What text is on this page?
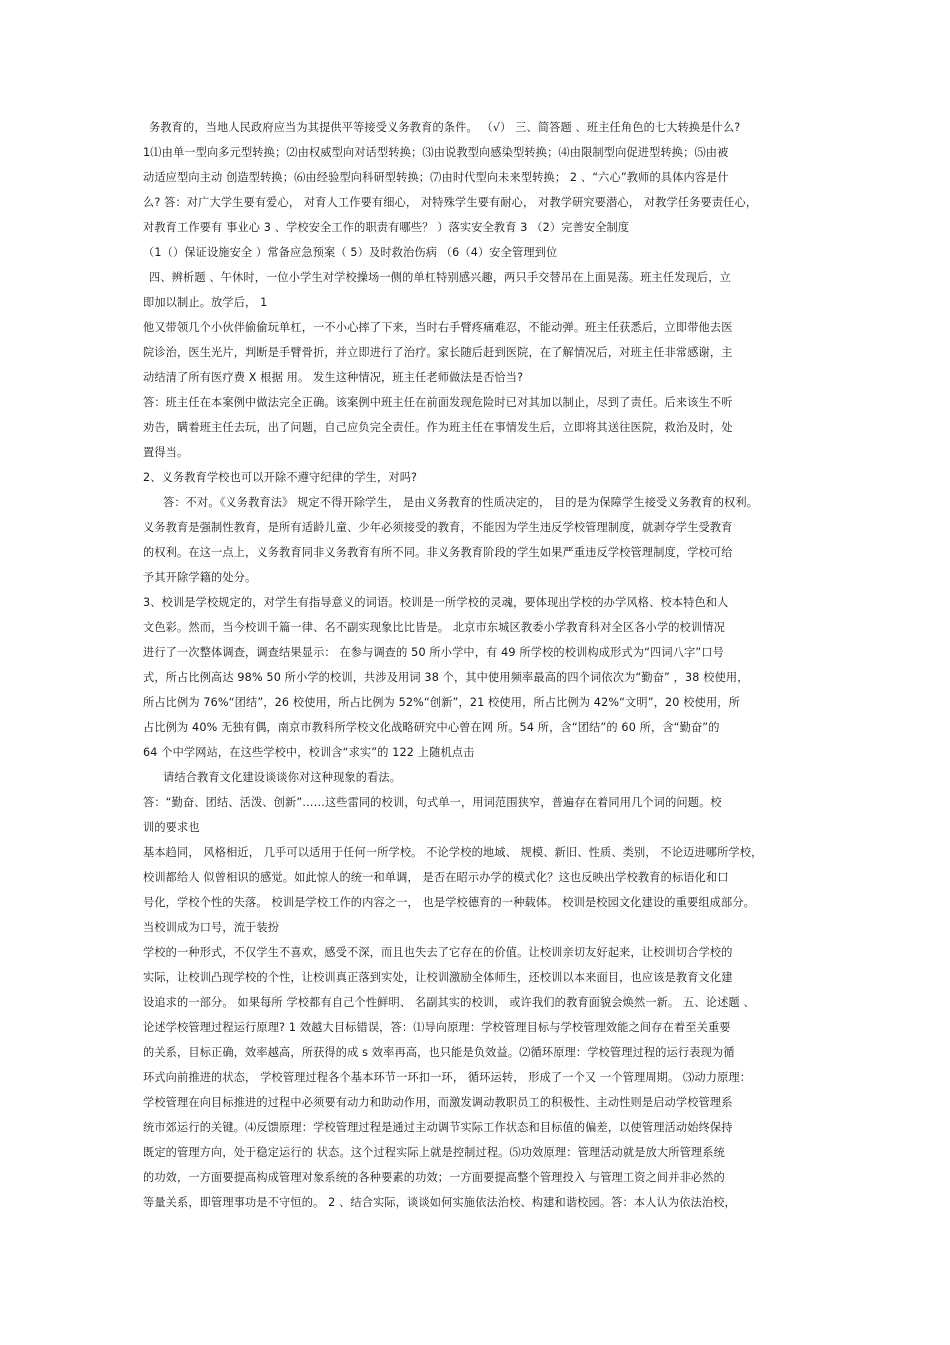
务教育的，当地人民政府应当为其提供平等接受义务教育的条件。 （√） 三、简答题 、班主任角色的七大转换是什么?
1⑴由单一型向多元型转换；⑵由权威型向对话型转换；⑶由说教型向感染型转换；⑷由限制型向促进型转换；⑸由被
动适应型向主动 创造型转换；⑹由经验型向科研型转换；⑺由时代型向未来型转换； 2 、“六心”教师的具体内容是什
么? 答：对广大学生要有爱心， 对育人工作要有细心， 对特殊学生要有耐心， 对教学研究要潜心， 对教学任务要责任心，
对教育工作要有 事业心 3 、学校安全工作的职责有哪些？ ）落实安全教育 3 （2）完善安全制度
（1（）保证设施安全 ）常备应急预案（ 5）及时救治伤病 （6（4）安全管理到位
四、辨析题 、午休时，一位小学生对学校操场一侧的单杠特别感兴趣，两只手交替吊在上面晃荡。班主任发现后，立
即加以制止。放学后， 1
他又带领几个小伙伴偷偷玩单杠，一不小心摔了下来，当时右手臂疼痛难忍，不能动弹。班主任获悉后，立即带他去医
院诊治，医生光片，判断是手臂骨折，并立即进行了治疗。家长随后赶到医院，在了解情况后，对班主任非常感谢，主
动结清了所有医疗费 X 根据 用。 发生这种情况，班主任老师做法是否恰当?
答：班主任在本案例中做法完全正确。该案例中班主任在前面发现危险时已对其加以制止，尽到了责任。后来该生不听
劝告，瞒着班主任去玩，出了问题，自己应负完全责任。作为班主任在事情发生后，立即将其送往医院，救治及时，处
置得当。
2、义务教育学校也可以开除不遵守纪律的学生，对吗?
答：不对。《义务教育法》 规定不得开除学生， 是由义务教育的性质决定的， 目的是为保障学生接受义务教育的权利。
义务教育是强制性教育，是所有适龄儿童、少年必须接受的教育，不能因为学生违反学校管理制度，就剥夺学生受教育
的权利。在这一点上，义务教育同非义务教育有所不同。非义务教育阶段的学生如果严重违反学校管理制度，学校可给
予其开除学籍的处分。
3、校训是学校规定的，对学生有指导意义的词语。校训是一所学校的灵魂，要体现出学校的办学风格、校本特色和人
文色彩。然而，当今校训千篇一律、名不副实现象比比皆是。 北京市东城区教委小学教育科对全区各小学的校训情况
进行了一次整体调查，调查结果显示： 在参与调查的 50 所小学中，有 49 所学校的校训构成形式为“四词八字”口号
式，所占比例高达 98% 50 所小学的校训，共涉及用词 38 个，其中使用频率最高的四个词依次为“勤奋” ，38 校使用，
所占比例为 76%“团结”，26 校使用，所占比例为 52%“创新”，21 校使用，所占比例为 42%“文明”，20 校使用，所
占比例为 40% 无独有偶，南京市教科所学校文化战略研究中心曾在网 所。54 所，含“团结”的 60 所，含“勤奋”的
64 个中学网站，在这些学校中，校训含“求实”的 122 上随机点击
请结合教育文化建设谈谈你对这种现象的看法。
答：“勤奋、团结、活泼、创新”……这些雷同的校训，句式单一，用词范围狭窄，普遍存在着同用几个词的问题。校
训的要求也
基本趋同， 风格相近， 几乎可以适用于任何一所学校。 不论学校的地域、 规模、新旧、性质、类别， 不论迈进哪所学校，
校训都给人 似曾相识的感觉。如此惊人的统一和单调， 是否在昭示办学的模式化？这也反映出学校教育的标语化和口
号化，学校个性的失落。 校训是学校工作的内容之一， 也是学校德育的一种载体。 校训是校园文化建设的重要组成部分。
当校训成为口号，流于装扮
学校的一种形式，不仅学生不喜欢，感受不深，而且也失去了它存在的价值。让校训亲切友好起来，让校训切合学校的
实际，让校训凸现学校的个性，让校训真正落到实处，让校训激励全体师生，还校训以本来面目，也应该是教育文化建
设追求的一部分。 如果每所 学校都有自己个性鲜明、 名副其实的校训， 或许我们的教育面貌会焕然一新。 五、论述题 、
论述学校管理过程运行原理? 1 效越大目标错误，答：⑴导向原理：学校管理目标与学校管理效能之间存在着至关重要
的关系，目标正确，效率越高，所获得的成 s 效率再高，也只能是负效益。⑵循环原理：学校管理过程的运行表现为循
环式向前推进的状态， 学校管理过程各个基本环节一环扣一环， 循环运转， 形成了一个又 一个管理周期。 ⑶动力原理：
学校管理在向目标推进的过程中必须要有动力和助动作用，而激发调动教职员工的积极性、主动性则是启动学校管理系
统市郊运行的关键。⑷反馈原理：学校管理过程是通过主动调节实际工作状态和目标值的偏差，以使管理活动始终保持
既定的管理方向，处于稳定运行的 状态。这个过程实际上就是控制过程。⑸功效原理：管理活动就是放大所管理系统
的功效，一方面要提高构成管理对象系统的各种要素的功效；一方面要提高整个管理投入 与管理工资之间并非必然的
等量关系，即管理事功是不守恒的。 2 、结合实际，谈谈如何实施依法治校、构建和谐校园。答：本人认为依法治校，
